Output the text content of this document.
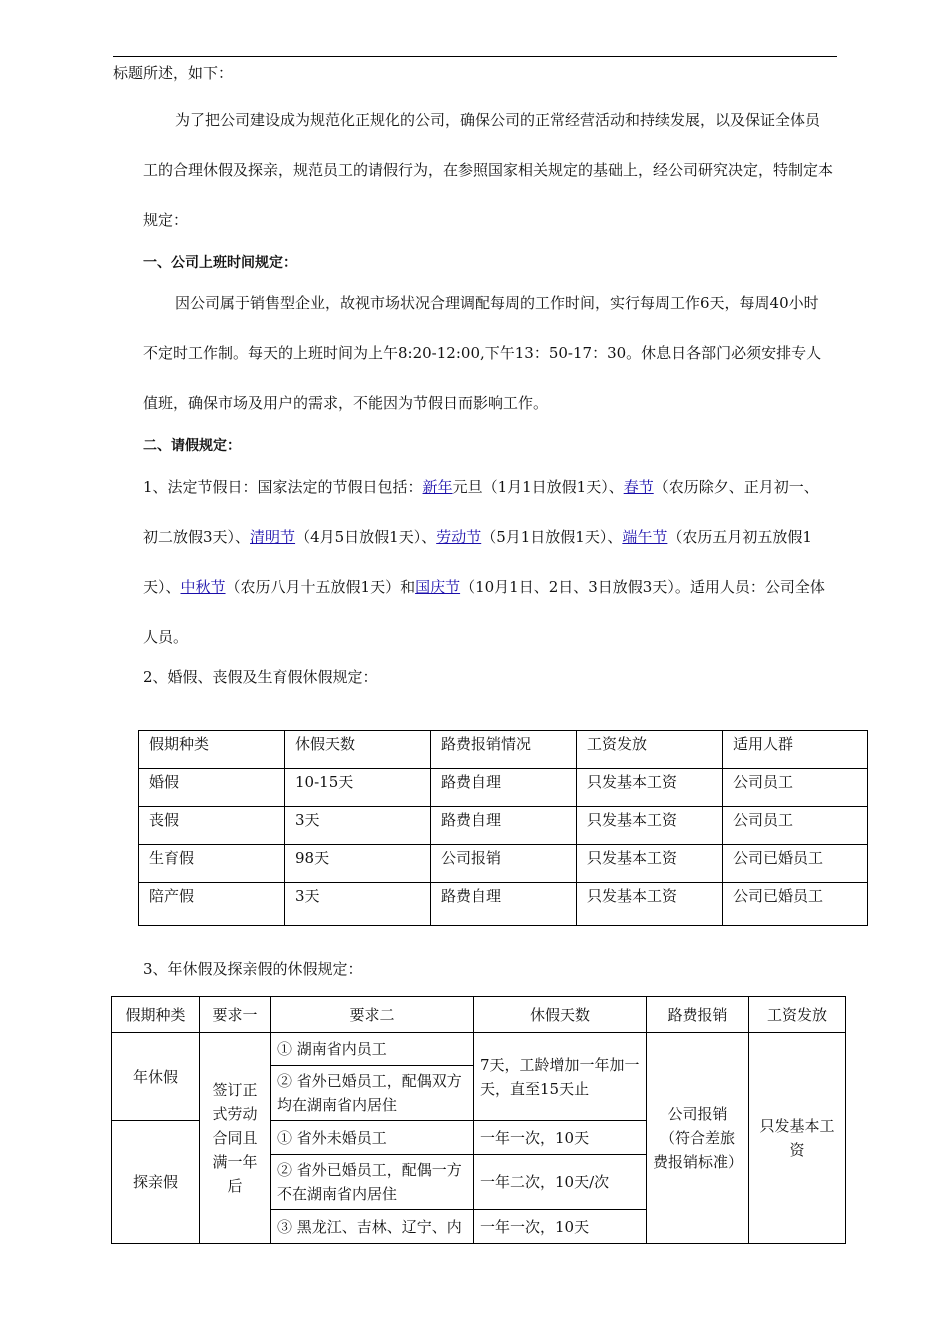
标题所述，如下：
为了把公司建设成为规范化正规化的公司，确保公司的正常经营活动和持续发展，以及保证全体员工的合理休假及探亲，规范员工的请假行为，在参照国家相关规定的基础上，经公司研究决定，特制定本规定：
一、公司上班时间规定：
因公司属于销售型企业，故视市场状况合理调配每周的工作时间，实行每周工作6天，每周40小时不定时工作制。每天的上班时间为上午8:20-12:00,下午13：50-17：30。休息日各部门必须安排专人值班，确保市场及用户的需求，不能因为节假日而影响工作。
二、请假规定：
1、法定节假日：国家法定的节假日包括：新年元旦（1月1日放假1天）、春节（农历除夕、正月初一、初二放假3天）、清明节（4月5日放假1天）、劳动节（5月1日放假1天）、端午节（农历五月初五放假1天）、中秋节（农历八月十五放假1天）和国庆节（10月1日、2日、3日放假3天）。适用人员：公司全体人员。
2、婚假、丧假及生育假休假规定：
假期种类	休假天数	路费报销情况	工资发放	适用人群
婚假	10-15天	路费自理	只发基本工资	公司员工
丧假	3天	路费自理	只发基本工资	公司员工
生育假	98天	公司报销	只发基本工资	公司已婚员工
陪产假	3天	路费自理	只发基本工资	公司已婚员工
3、年休假及探亲假的休假规定：
假期种类	要求一	要求二	休假天数	路费报销	工资发放
年休假	签订正式劳动合同且满一年后	① 湖南省内员工	7天，工龄增加一年加一天，直至15天止	公司报销（符合差旅费报销标准）	只发基本工资
		② 省外已婚员工，配偶双方均在湖南省内居住			
探亲假		① 省外未婚员工	一年一次，10天		
		② 省外已婚员工，配偶一方不在湖南省内居住	一年二次，10天/次		
		③ 黑龙江、吉林、辽宁、内	一年一次，10天		
